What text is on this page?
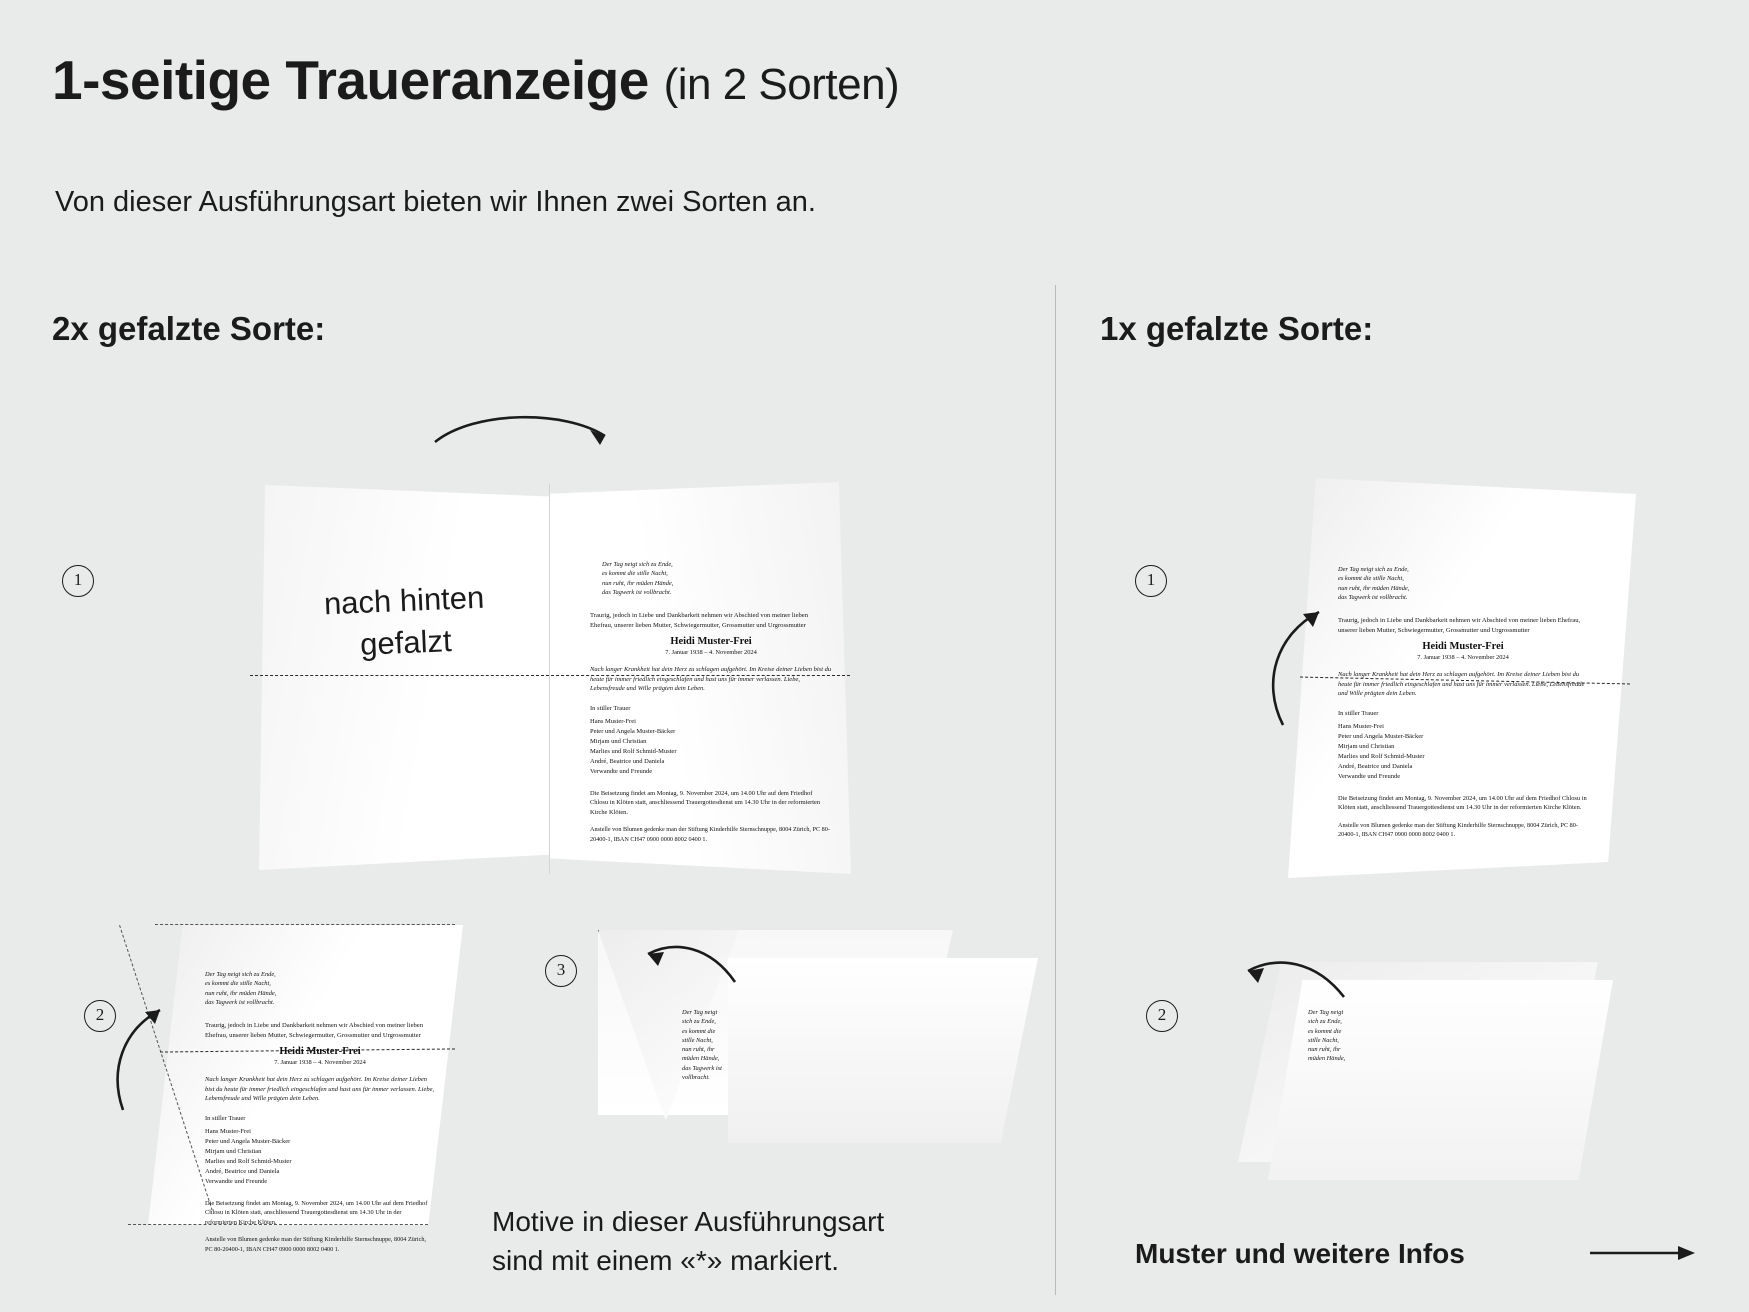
1-seitige Traueranzeige (in 2 Sorten)
Von dieser Ausführungsart bieten wir Ihnen zwei Sorten an.
2x gefalzte Sorte:	1x gefalzte Sorte:
1
nach hinten
gefalzt
Der Tag neigt sich zu Ende,
es kommt die stille Nacht,
nun ruht, ihr müden Hände,
das Tagwerk ist vollbracht.
Traurig, jedoch in Liebe und Dankbarkeit nehmen wir Abschied von meiner lieben Ehefrau, unserer lieben Mutter, Schwiegermutter, Grossmutter und Urgrossmutter
Heidi Muster-Frei
7. Januar 1938 – 4. November 2024
Nach langer Krankheit hat dein Herz zu schlagen aufgehört. Im Kreise deiner Lieben bist du heute für immer friedlich eingeschlafen und hast uns für immer verlassen. Liebe, Lebensfreude und Wille prägten dein Leben.
In stiller Trauer
Hans Muster-Frei
Peter und Angela Muster-Bäcker
Mirjam und Christian
Marlies und Rolf Schmid-Muster
André, Beatrice und Daniela
Verwandte und Freunde
Die Beisetzung findet am Montag, 9. November 2024, um 14.00 Uhr auf dem Friedhof Chlosu in Klöten statt, anschliessend Trauergottesdienst um 14.30 Uhr in der reformierten Kirche Klöten.
Anstelle von Blumen gedenke man der Stiftung Kinderhilfe Sternschnuppe, 8004 Zürich, PC 80-20400-1, IBAN CH47 0900 0000 8002 0400 1.
2
Der Tag neigt sich zu Ende,
es kommt die stille Nacht,
nun ruht, ihr müden Hände,
das Tagwerk ist vollbracht.
Traurig, jedoch in Liebe und Dankbarkeit nehmen wir Abschied von meiner lieben Ehefrau, unserer lieben Mutter, Schwiegermutter, Grossmutter und Urgrossmutter
Heidi Muster-Frei
7. Januar 1938 – 4. November 2024
Nach langer Krankheit hat dein Herz zu schlagen aufgehört. Im Kreise deiner Lieben bist du heute für immer friedlich eingeschlafen und hast uns für immer verlassen. Liebe, Lebensfreude und Wille prägten dein Leben.
In stiller Trauer
Hans Muster-Frei
Peter und Angela Muster-Bäcker
Mirjam und Christian
Marlies und Rolf Schmid-Muster
André, Beatrice und Daniela
Verwandte und Freunde
Die Beisetzung findet am Montag, 9. November 2024, um 14.00 Uhr auf dem Friedhof Chlosu in Klöten statt, anschliessend Trauergottesdienst um 14.30 Uhr in der reformierten Kirche Klöten.
Anstelle von Blumen gedenke man der Stiftung Kinderhilfe Sternschnuppe, 8004 Zürich, PC 80-20400-1, IBAN CH47 0900 0000 8002 0400 1.
3
Der Tag neigt sich zu Ende,
es kommt die stille Nacht,
nun ruht, ihr müden Hände,
das Tagwerk ist vollbracht.
Motive in dieser Ausführungsart
sind mit einem «*» markiert.
1
Der Tag neigt sich zu Ende,
es kommt die stille Nacht,
nun ruht, ihr müden Hände,
das Tagwerk ist vollbracht.
Traurig, jedoch in Liebe und Dankbarkeit nehmen wir Abschied von meiner lieben Ehefrau, unserer lieben Mutter, Schwiegermutter, Grossmutter und Urgrossmutter
Heidi Muster-Frei
7. Januar 1938 – 4. November 2024
Nach langer Krankheit hat dein Herz zu schlagen aufgehört. Im Kreise deiner Lieben bist du heute für immer friedlich eingeschlafen und hast uns für immer verlassen. Liebe, Lebensfreude und Wille prägten dein Leben.
In stiller Trauer
Hans Muster-Frei
Peter und Angela Muster-Bäcker
Mirjam und Christian
Marlies und Rolf Schmid-Muster
André, Beatrice und Daniela
Verwandte und Freunde
Die Beisetzung findet am Montag, 9. November 2024, um 14.00 Uhr auf dem Friedhof Chlosu in Klöten statt, anschliessend Trauergottesdienst um 14.30 Uhr in der reformierten Kirche Klöten.
Anstelle von Blumen gedenke man der Stiftung Kinderhilfe Sternschnuppe, 8004 Zürich, PC 80-20400-1, IBAN CH47 0900 0000 8002 0400 1.
2	Der Tag neigt sich zu Ende,
es kommt die stille Nacht,
nun ruht, ihr müden Hände,
Muster und weitere Infos
